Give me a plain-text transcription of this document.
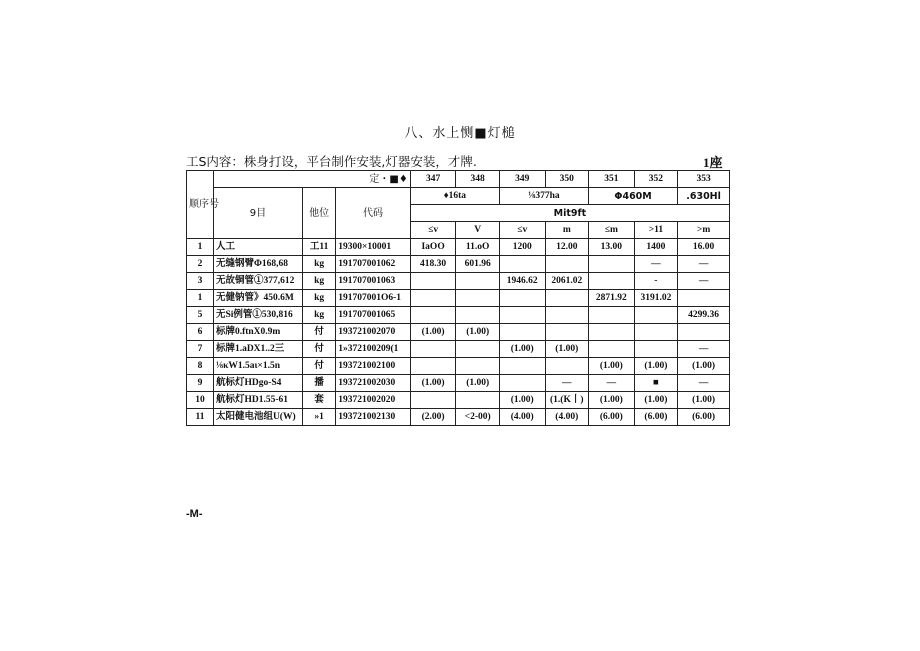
八、水上恻■灯槌
工S内容：株身打设，平台制作安装,灯器安装，才牌.	1座
顺序号	定・■♦			347	348	349	350	351	352	353
	9目	他位	代码	♦16ta		⅛377ha		Φ460M		.630Hl
				Mit9ft						
				≤v	V	≤v	m	≤m	>11	>m
1	人工	工11	19300×10001	IaOO	11.oO	1200	12.00	13.00	1400	16.00
2	无缝钢臂Φ168,68	kg	191707001062	418.30	601.96				—	—
3	无故铜管①377,612	kg	191707001063			1946.62	2061.02		-	—
1	无健钠管》450.6M	kg	191707001O6-1					2871.92	3191.02	
5	无Si例管①530,816	kg	191707001065							4299.36
6	标牌0.ftnX0.9m	付	193721002070	(1.00)	(1.00)					
7	标牌1.aDX1..2三	付	1»372100209(1			(1.00)	(1.00)			—
8	⅛κW1.5aι×1.5n	付	193721002100					(1.00)	(1.00)	(1.00)
9	航标灯HDgo-S4	播	193721002030	(1.00)	(1.00)		—	—	■	—
10	航标灯HD1.55-61	套	193721002020			(1.00)	(1.(K丨)	(1.00)	(1.00)	(1.00)
11	太阳健电池组U(W)	»1	193721002130	(2.00)	<2-00)	(4.00)	(4.00)	(6.00)	(6.00)	(6.00)
-M-
